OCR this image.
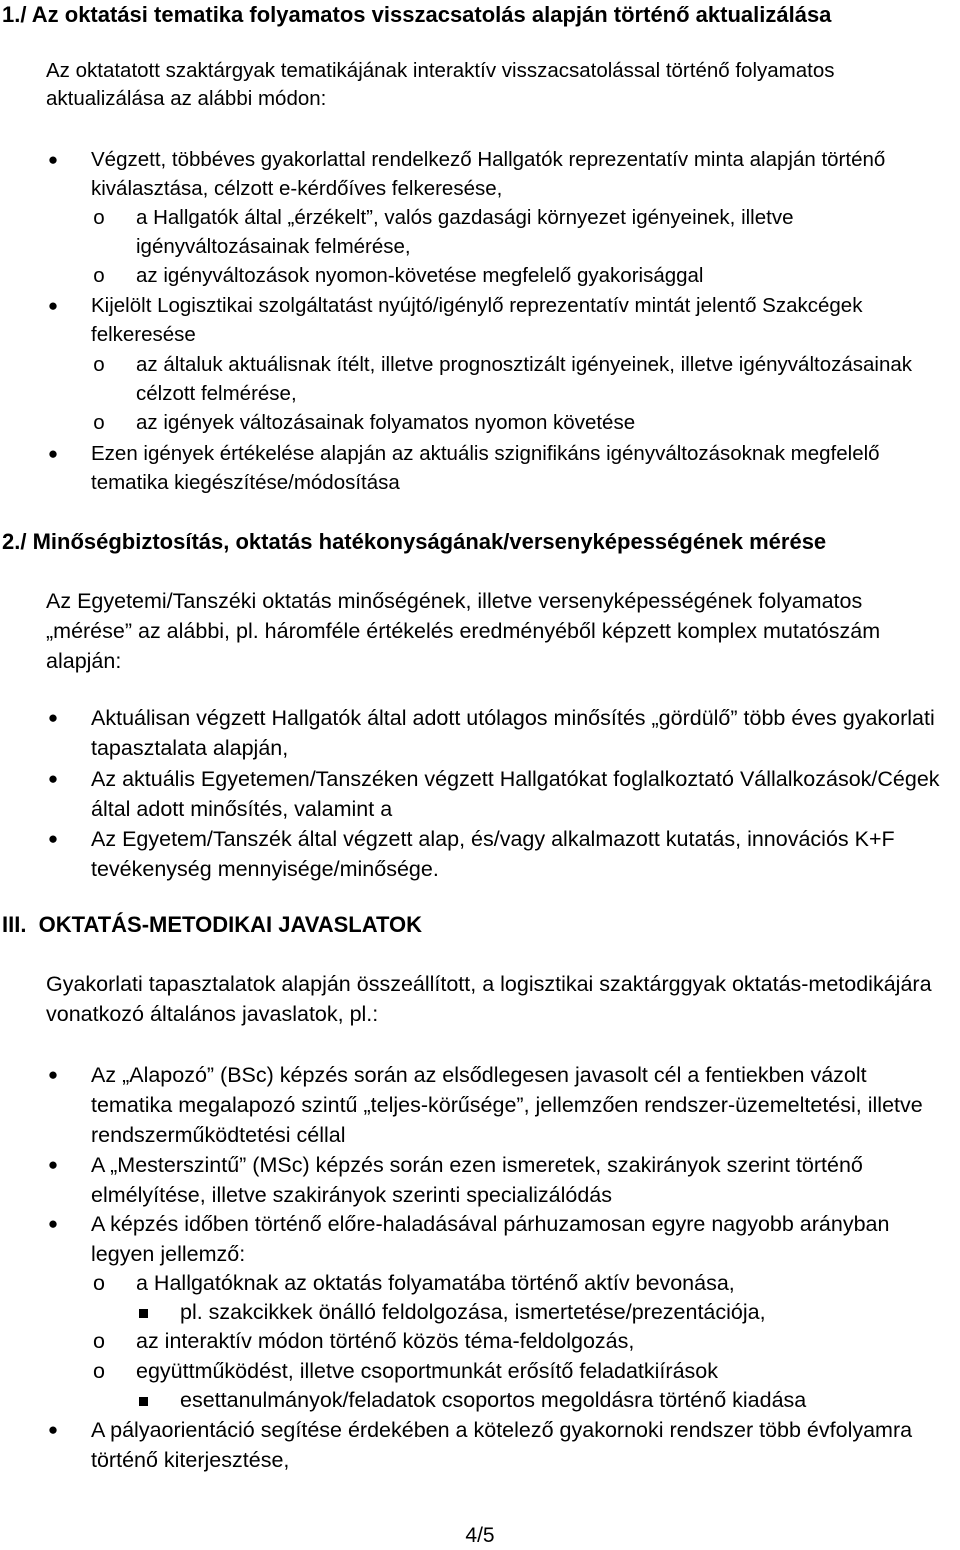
1./ Az oktatási tematika folyamatos visszacsatolás alapján történő aktualizálása
Az oktatatott szaktárgyak tematikájának interaktív visszacsatolással történő folyamatos aktualizálása az alábbi módon:
● Végzett, többéves gyakorlattal rendelkező Hallgatók reprezentatív minta alapján történő kiválasztása, célzott e-kérdőíves felkeresése,
o a Hallgatók által „érzékelt”, valós gazdasági környezet igényeinek, illetve igényváltozásainak felmérése,
o az igényváltozások nyomon-követése megfelelő gyakorisággal
● Kijelölt Logisztikai szolgáltatást nyújtó/igénylő reprezentatív mintát jelentő Szakcégek felkeresése
o az általuk aktuálisnak ítélt, illetve prognosztizált igényeinek, illetve igényváltozásainak célzott felmérése,
o az igények változásainak folyamatos nyomon követése
● Ezen igények értékelése alapján az aktuális szignifikáns igényváltozásoknak megfelelő tematika kiegészítése/módosítása
2./ Minőségbiztosítás, oktatás hatékonyságának/versenyképességének mérése
Az Egyetemi/Tanszéki oktatás minőségének, illetve versenyképességének folyamatos „mérése” az alábbi, pl. háromféle értékelés eredményéből képzett komplex mutatószám alapján:
● Aktuálisan végzett Hallgatók által adott utólagos minősítés „gördülő” több éves gyakorlati tapasztalata alapján,
● Az aktuális Egyetemen/Tanszéken végzett Hallgatókat foglalkoztató Vállalkozások/Cégek által adott minősítés, valamint a
● Az Egyetem/Tanszék által végzett alap, és/vagy alkalmazott kutatás, innovációs K+F tevékenység mennyisége/minősége.
III.  OKTATÁS-METODIKAI JAVASLATOK
Gyakorlati tapasztalatok alapján összeállított, a logisztikai szaktárggyak oktatás-metodikájára vonatkozó általános javaslatok, pl.:
● Az „Alapozó” (BSc) képzés során az elsődlegesen javasolt cél a fentiekben vázolt tematika megalapozó szintű „teljes-körűsége”, jellemzően rendszer-üzemeltetési, illetve rendszerműködtetési céllal
● A „Mesterszintű” (MSc) képzés során ezen ismeretek, szakirányok szerint történő elmélyítése, illetve szakirányok szerinti specializálódás
● A képzés időben történő előre-haladásával párhuzamosan egyre nagyobb arányban legyen jellemző:
o a Hallgatóknak az oktatás folyamatába történő aktív bevonása,
pl. szakcikkek önálló feldolgozása, ismertetése/prezentációja,
o az interaktív módon történő közös téma-feldolgozás,
o együttműködést, illetve csoportmunkát erősítő feladatkiírások
esettanulmányok/feladatok csoportos megoldásra történő kiadása
● A pályaorientáció segítése érdekében a kötelező gyakornoki rendszer több évfolyamra történő kiterjesztése,
4/5
